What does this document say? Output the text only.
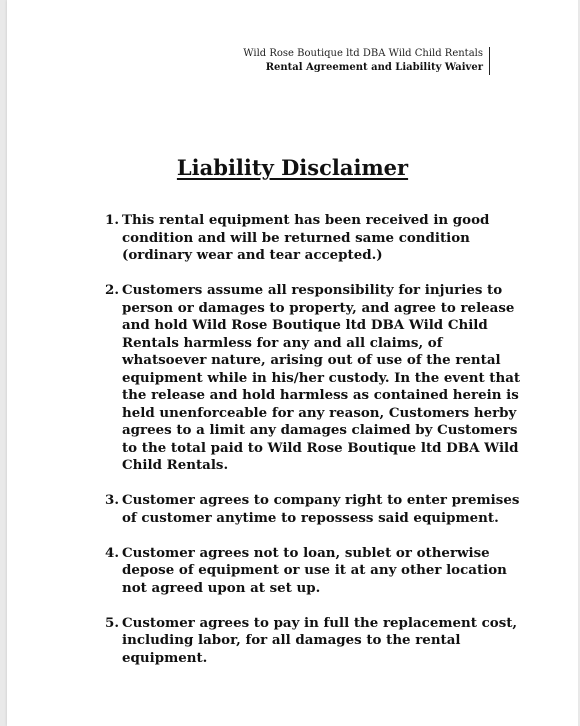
Wild Rose Boutique ltd DBA Wild Child Rentals
Rental Agreement and Liability Waiver
Liability Disclaimer
1. This rental equipment has been received in good condition and will be returned same condition (ordinary wear and tear accepted.)
2. Customers assume all responsibility for injuries to person or damages to property, and agree to release and hold Wild Rose Boutique ltd DBA Wild Child Rentals harmless for any and all claims, of whatsoever nature, arising out of use of the rental equipment while in his/her custody. In the event that the release and hold harmless as contained herein is held unenforceable for any reason, Customers herby agrees to a limit any damages claimed by Customers to the total paid to Wild Rose Boutique ltd DBA Wild Child Rentals.
3. Customer agrees to company right to enter premises of customer anytime to repossess said equipment.
4. Customer agrees not to loan, sublet or otherwise depose of equipment or use it at any other location not agreed upon at set up.
5. Customer agrees to pay in full the replacement cost, including labor, for all damages to the rental equipment.
